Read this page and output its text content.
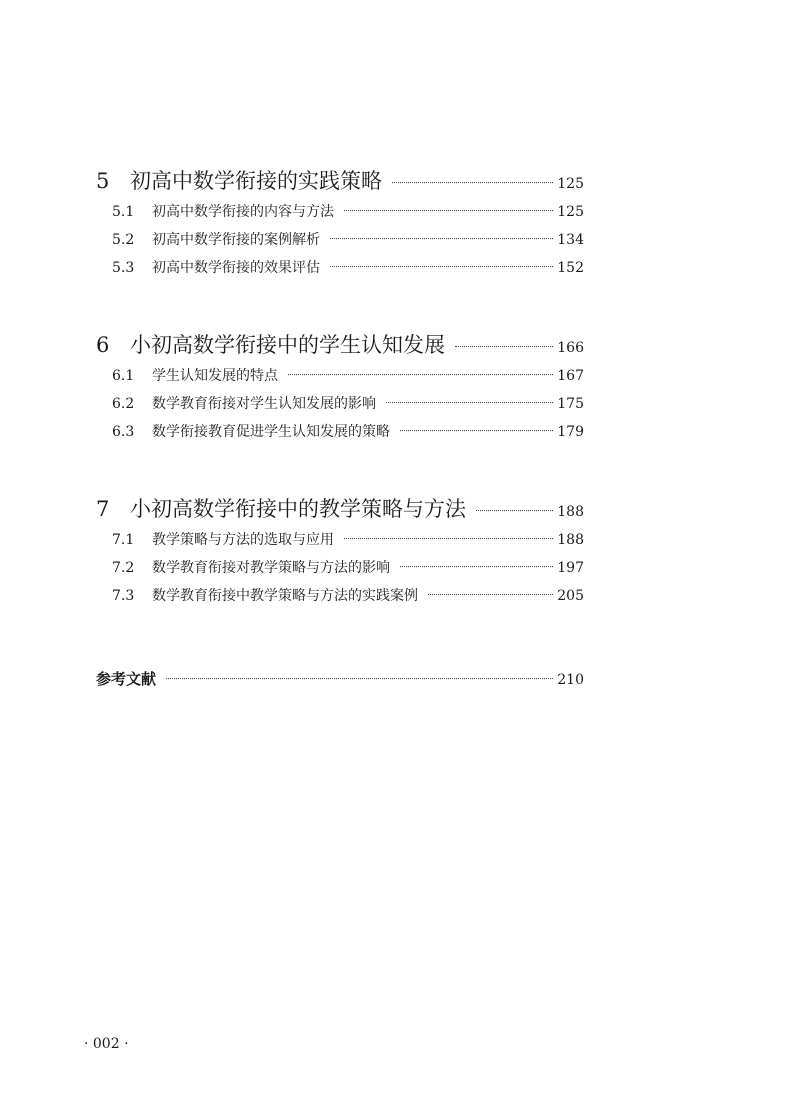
5 初高中数学衔接的实践策略	125
5.1	初高中数学衔接的内容与方法	125
5.2	初高中数学衔接的案例解析	134
5.3	初高中数学衔接的效果评估	152
6 小初高数学衔接中的学生认知发展	166
6.1	学生认知发展的特点	167
6.2	数学教育衔接对学生认知发展的影响	175
6.3	数学衔接教育促进学生认知发展的策略	179
7 小初高数学衔接中的教学策略与方法	188
7.1	教学策略与方法的选取与应用	188
7.2	数学教育衔接对教学策略与方法的影响	197
7.3	数学教育衔接中教学策略与方法的实践案例	205
参考文献	210
· 002 ·
